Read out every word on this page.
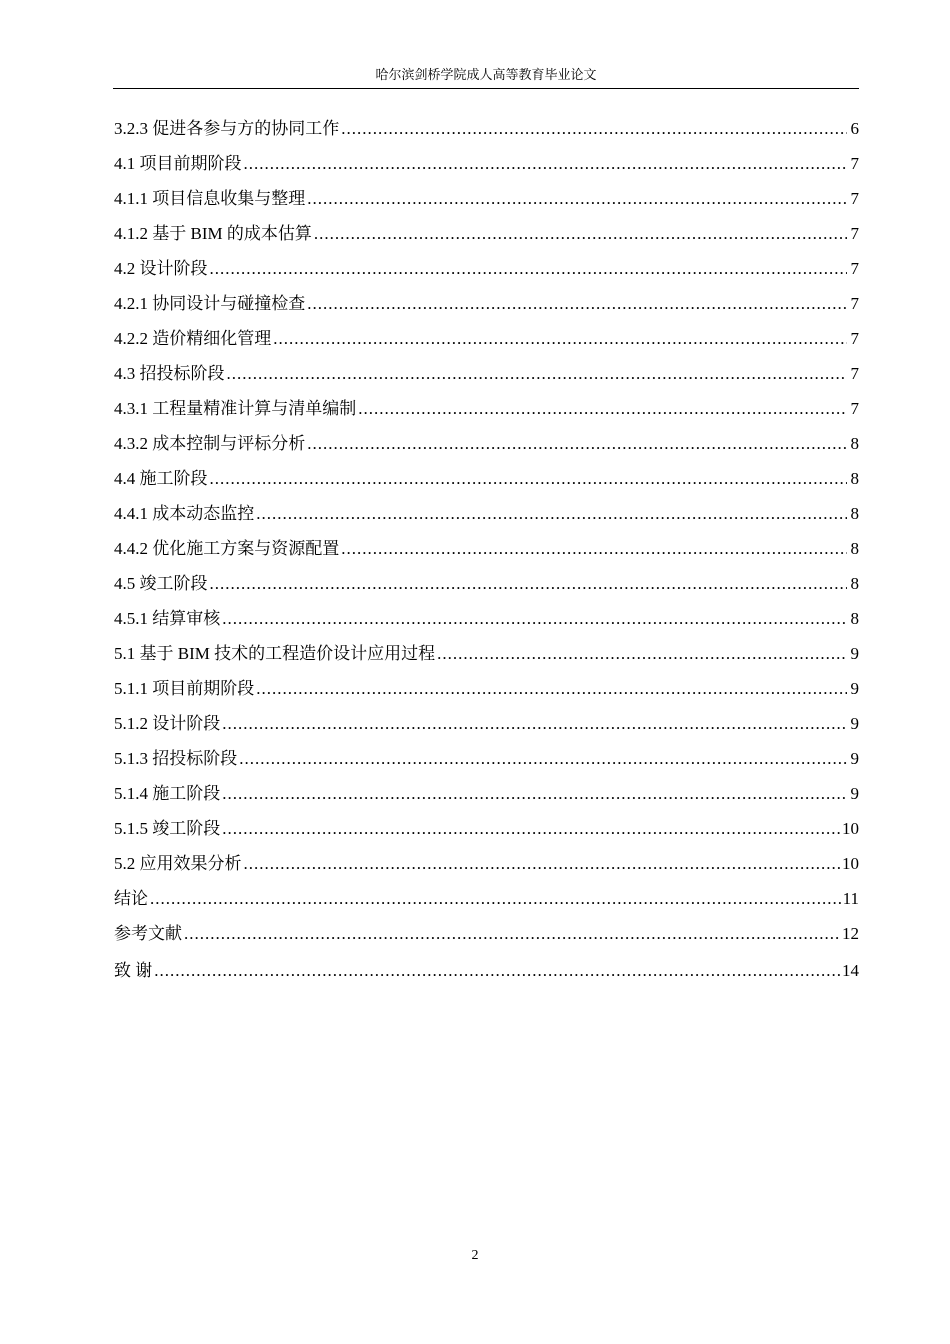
哈尔滨剑桥学院成人高等教育毕业论文
3.2.3 促进各参与方的协同工作 .....	6
4.1 项目前期阶段 .....	7
4.1.1 项目信息收集与整理 .....	7
4.1.2 基于 BIM 的成本估算 .....	7
4.2 设计阶段 .....	7
4.2.1 协同设计与碰撞检查 .....	7
4.2.2 造价精细化管理 .....	7
4.3 招投标阶段 .....	7
4.3.1 工程量精准计算与清单编制 .....	7
4.3.2 成本控制与评标分析 .....	8
4.4 施工阶段 .....	8
4.4.1 成本动态监控 .....	8
4.4.2 优化施工方案与资源配置 .....	8
4.5 竣工阶段 .....	8
4.5.1 结算审核 .....	8
5.1 基于 BIM 技术的工程造价设计应用过程 .....	9
5.1.1 项目前期阶段 .....	9
5.1.2 设计阶段 .....	9
5.1.3 招投标阶段 .....	9
5.1.4 施工阶段 .....	9
5.1.5 竣工阶段 .....	10
5.2 应用效果分析 .....	10
结论 .....	11
参考文献 .....	12
致 谢 .....	14
2
